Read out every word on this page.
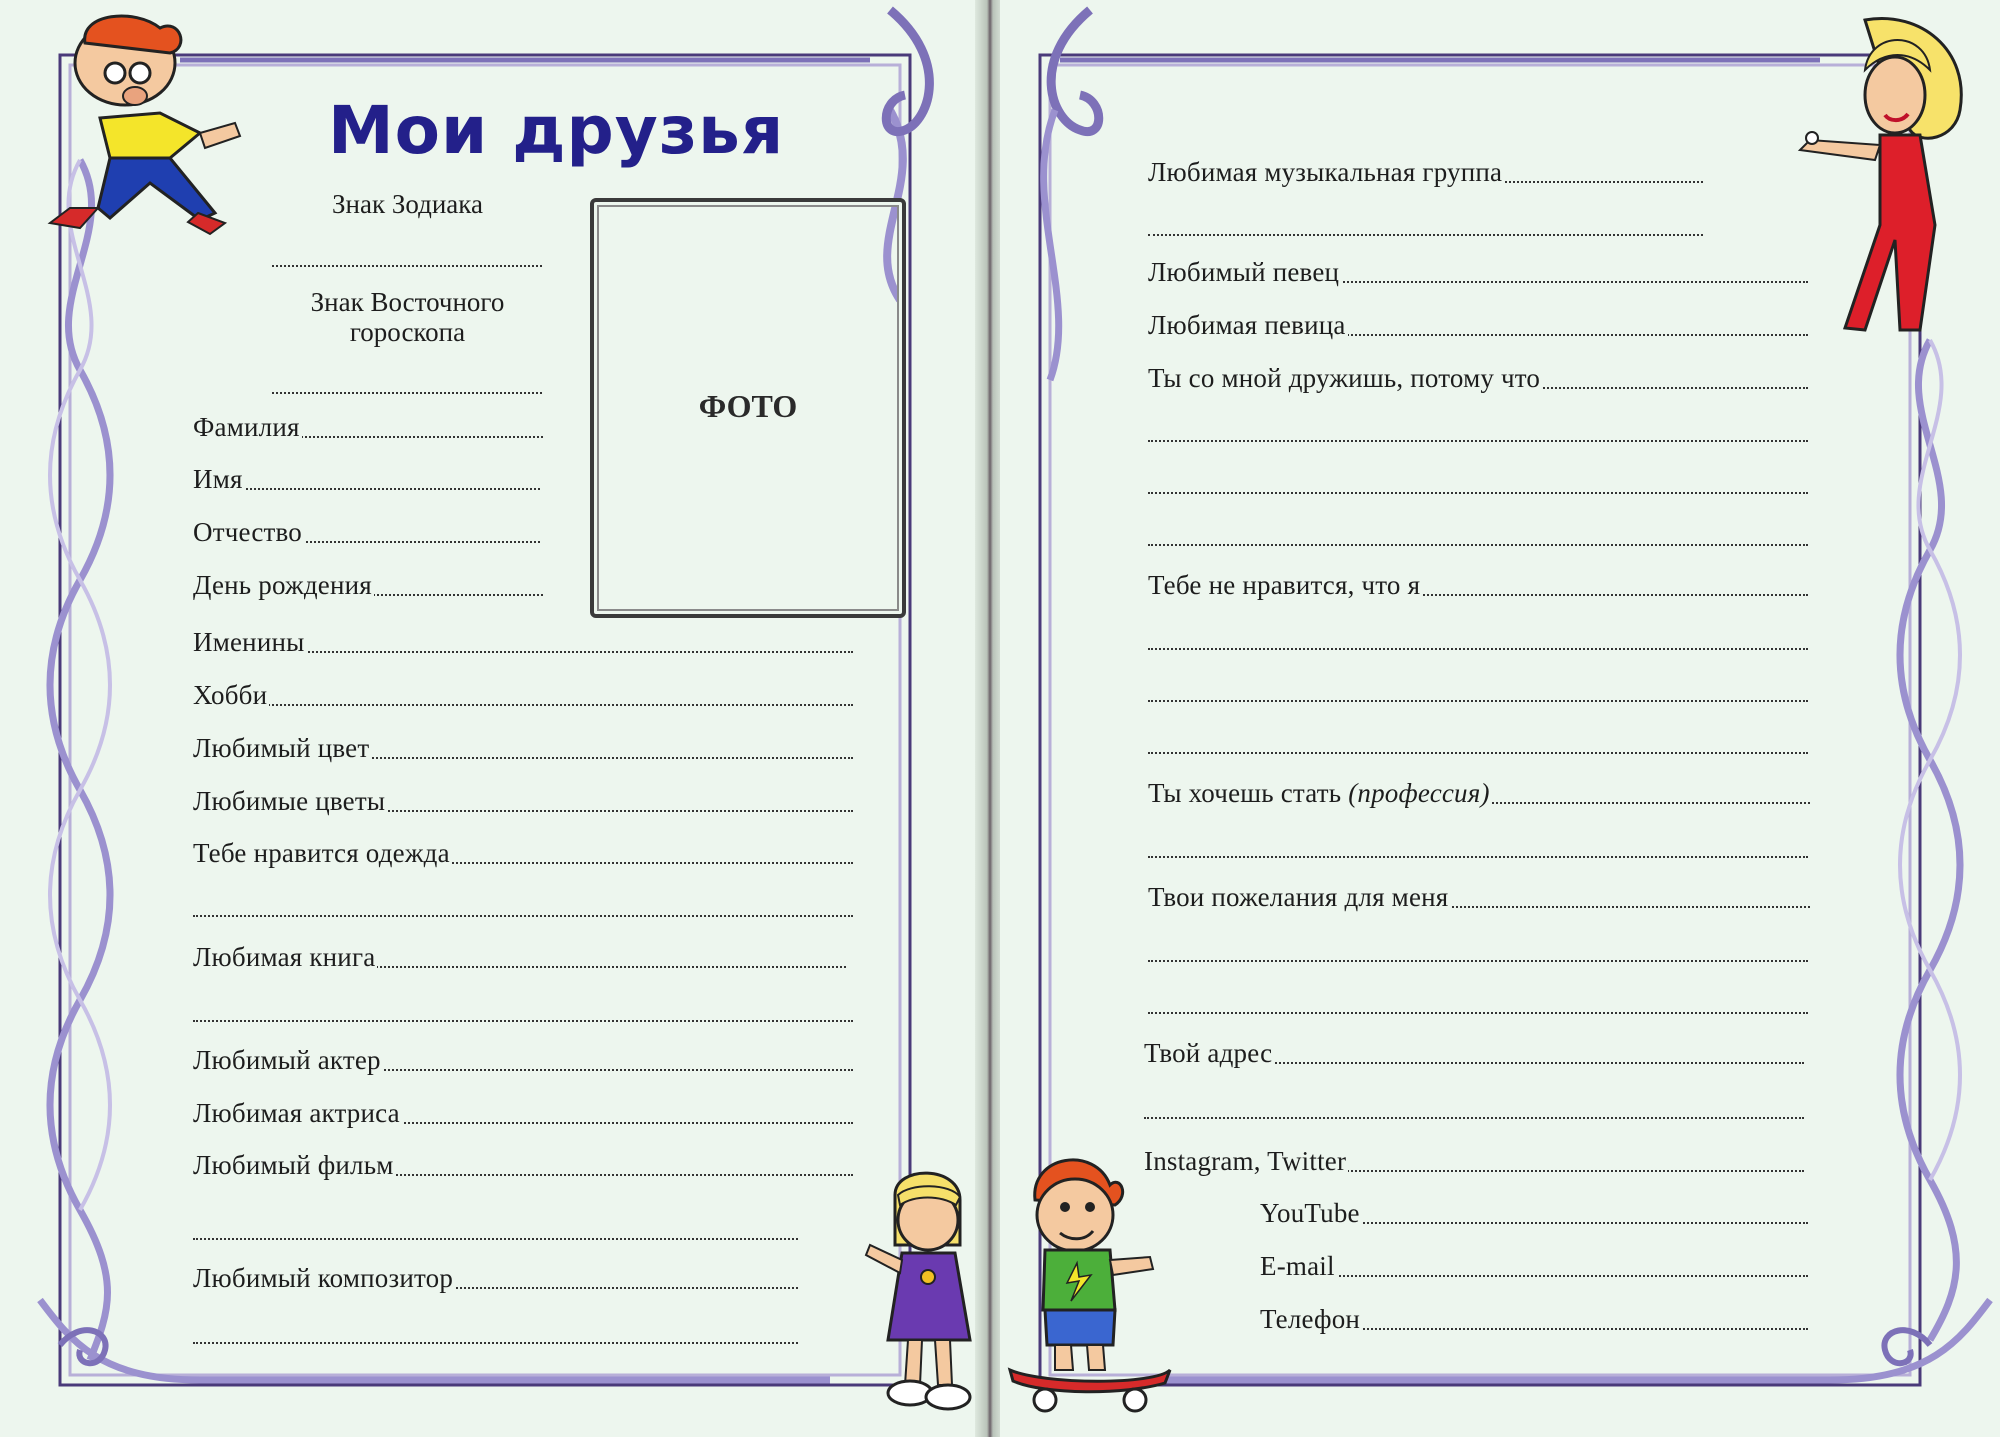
Мои друзья
Знак Зодиака
Знак Восточного гороскопа
ФОТО
Фамилия
Имя
Отчество
День рождения
Именины
Хобби
Любимый цвет
Любимые цветы
Тебе нравится одежда
Любимая книга
Любимый актер
Любимая актриса
Любимый фильм
Любимый композитор
Любимая музыкальная группа
Любимый певец
Любимая певица
Ты со мной дружишь, потому что
Тебе не нравится, что я
Ты хочешь стать (профессия)
Твои пожелания для меня
Твой адрес
Instagram, Twitter
YouTube
E-mail
Телефон
